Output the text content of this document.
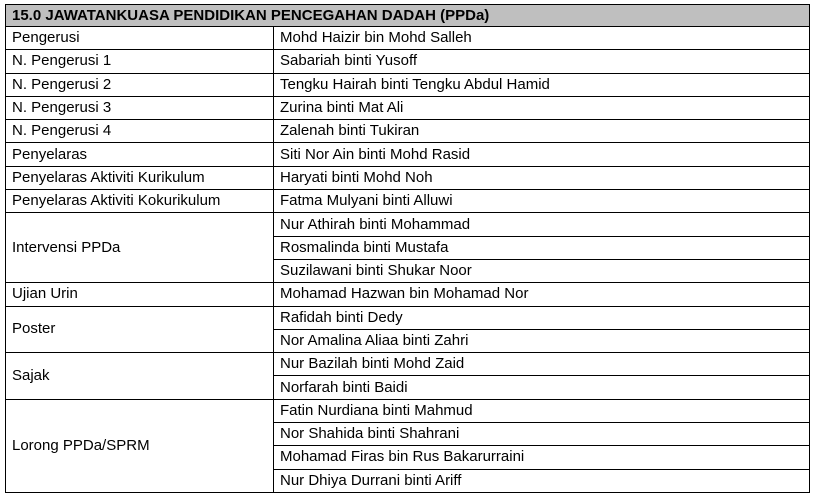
15.0 JAWATANKUASA PENDIDIKAN PENCEGAHAN DADAH (PPDa)	
Pengerusi	Mohd Haizir bin Mohd Salleh
N. Pengerusi 1	Sabariah binti Yusoff
N. Pengerusi 2	Tengku Hairah binti Tengku Abdul Hamid
N. Pengerusi 3	Zurina binti Mat Ali
N. Pengerusi 4	Zalenah binti Tukiran
Penyelaras	Siti Nor Ain binti Mohd Rasid
Penyelaras Aktiviti Kurikulum	Haryati binti Mohd Noh
Penyelaras Aktiviti Kokurikulum	Fatma Mulyani binti Alluwi
Intervensi PPDa	Nur Athirah binti Mohammad
	Rosmalinda binti Mustafa
	Suzilawani binti Shukar Noor
Ujian Urin	Mohamad Hazwan bin Mohamad Nor
Poster	Rafidah binti Dedy
	Nor Amalina Aliaa binti Zahri
Sajak	Nur Bazilah binti Mohd Zaid
	Norfarah binti Baidi
Lorong PPDa/SPRM	Fatin Nurdiana binti Mahmud
	Nor Shahida binti Shahrani
	Mohamad Firas bin Rus Bakarurraini
	Nur Dhiya Durrani binti Ariff
